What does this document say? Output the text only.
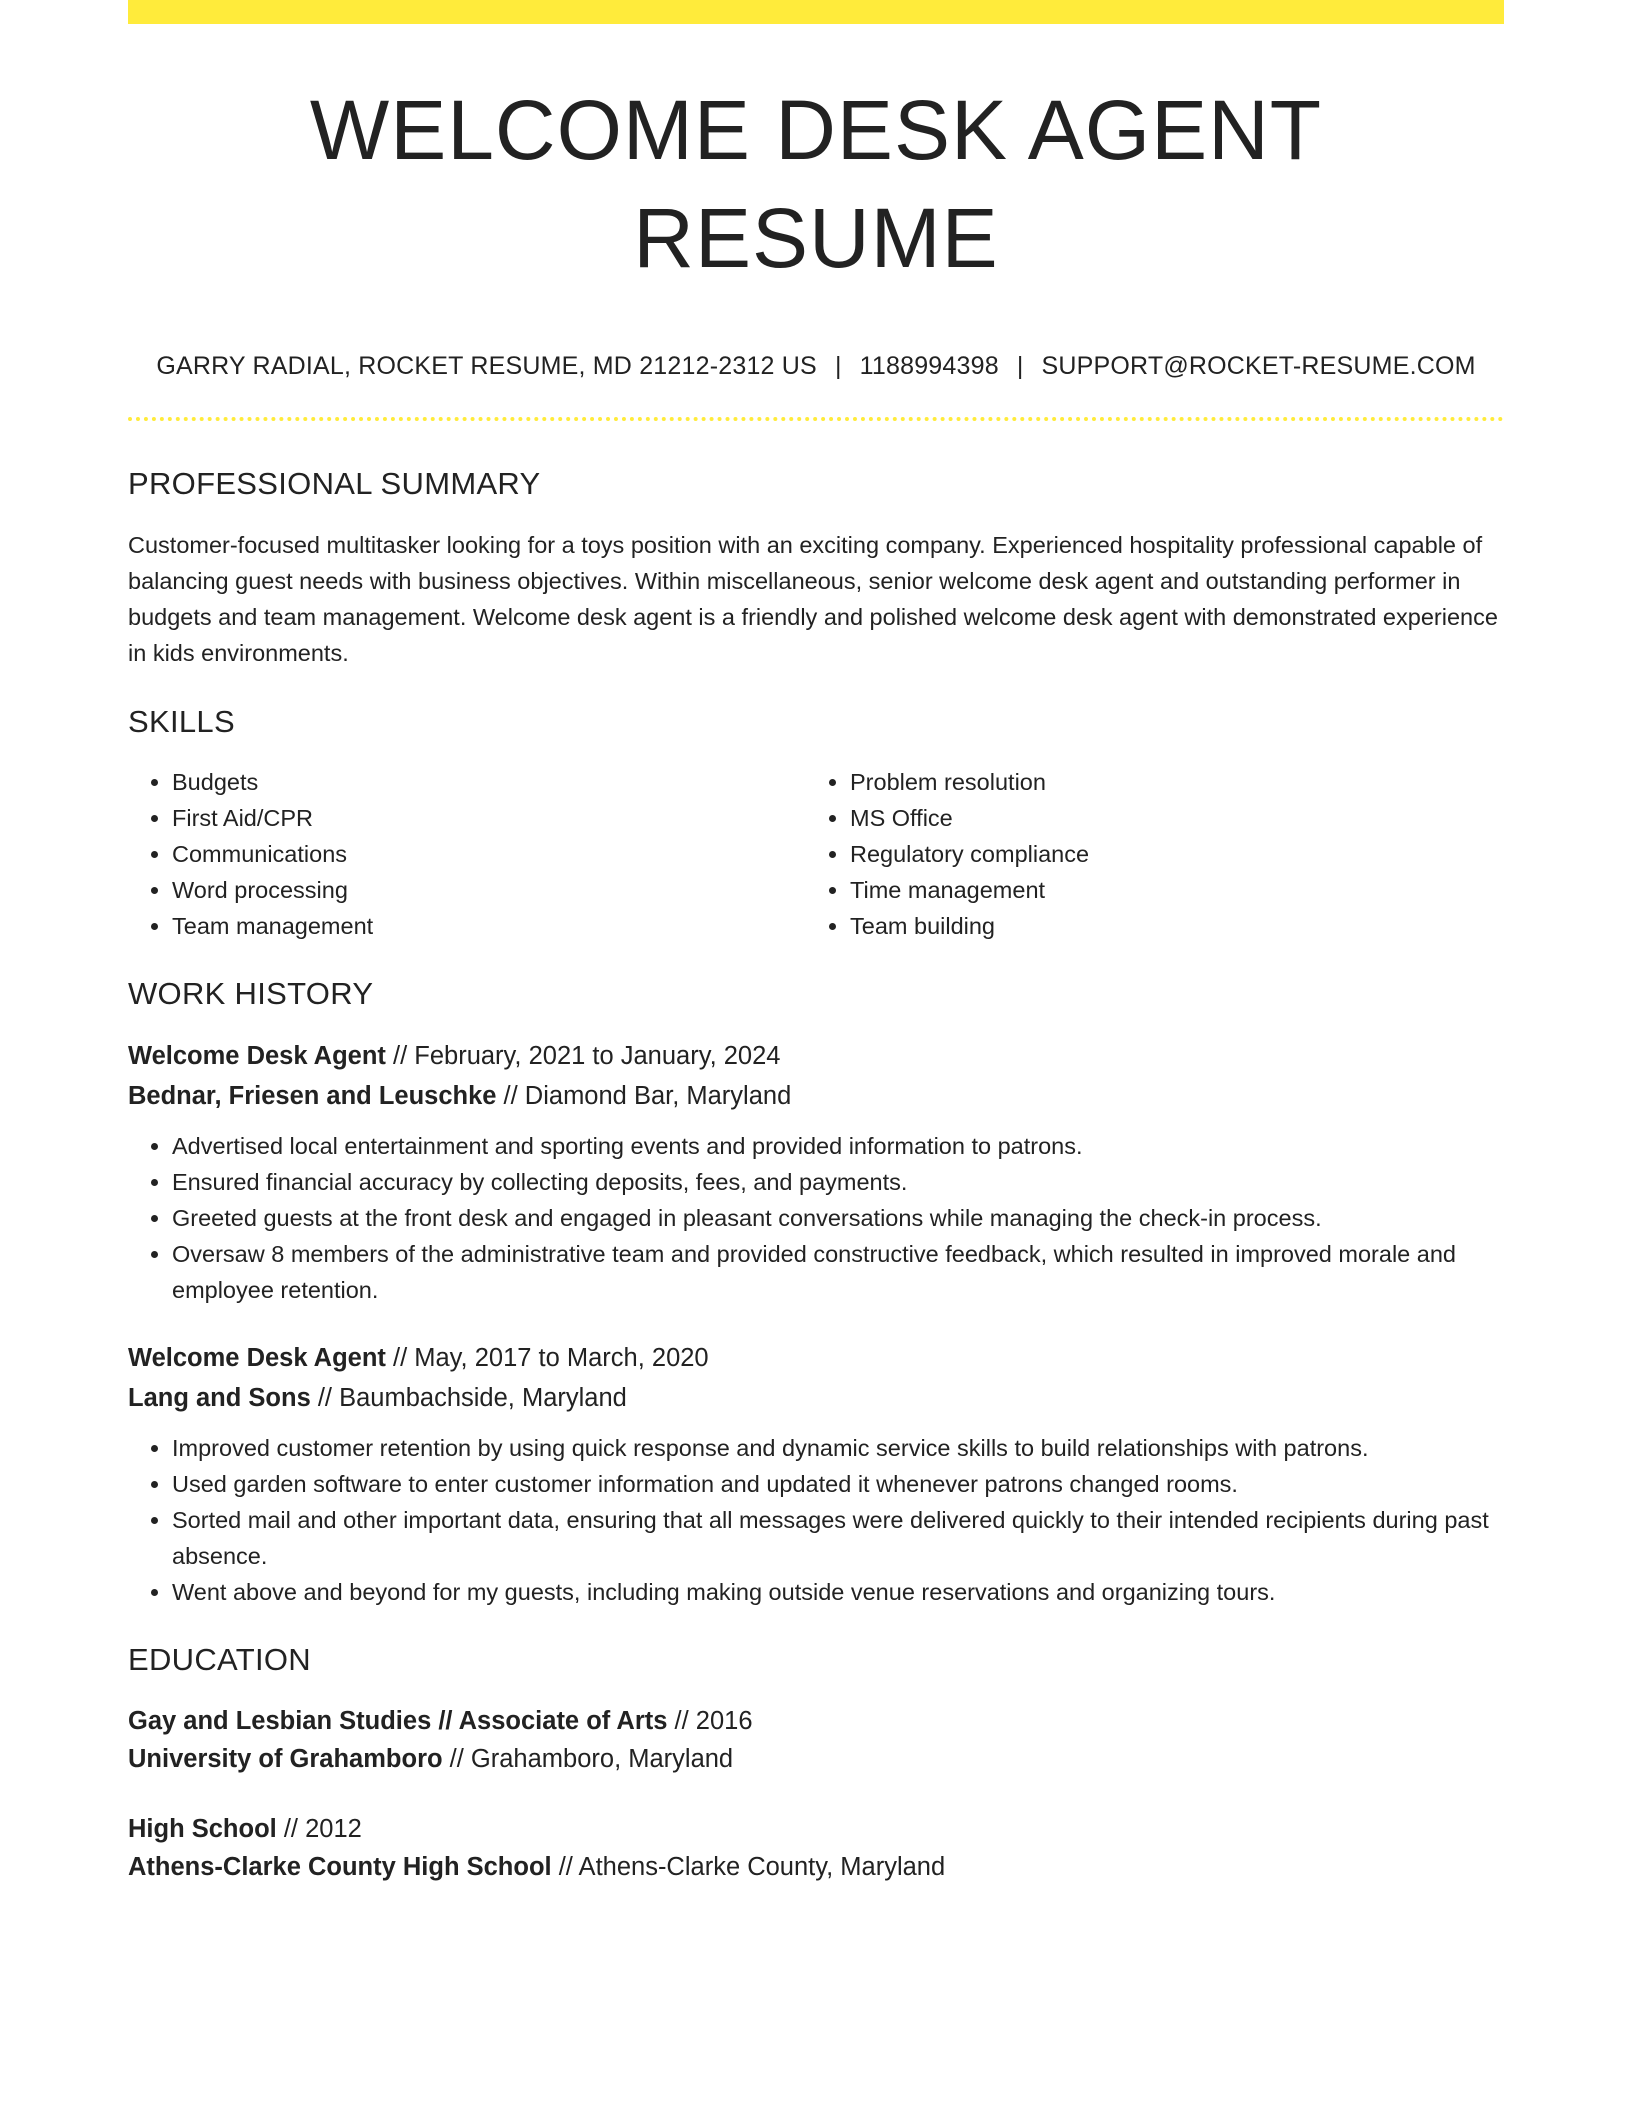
WELCOME DESK AGENT RESUME
GARRY RADIAL, ROCKET RESUME, MD 21212-2312 US | 1188994398 | SUPPORT@ROCKET-RESUME.COM
PROFESSIONAL SUMMARY

Customer-focused multitasker looking for a toys position with an exciting company. Experienced hospitality professional capable of balancing guest needs with business objectives. Within miscellaneous, senior welcome desk agent and outstanding performer in budgets and team management. Welcome desk agent is a friendly and polished welcome desk agent with demonstrated experience in kids environments.

SKILLS
• Budgets
• First Aid/CPR
• Communications
• Word processing
• Team management
• Problem resolution
• MS Office
• Regulatory compliance
• Time management
• Team building
WORK HISTORY
Welcome Desk Agent // February, 2021 to January, 2024
Bednar, Friesen and Leuschke // Diamond Bar, Maryland
• Advertised local entertainment and sporting events and provided information to patrons.
• Ensured financial accuracy by collecting deposits, fees, and payments.
• Greeted guests at the front desk and engaged in pleasant conversations while managing the check-in process.
• Oversaw 8 members of the administrative team and provided constructive feedback, which resulted in improved morale and employee retention.
Welcome Desk Agent // May, 2017 to March, 2020
Lang and Sons // Baumbachside, Maryland
• Improved customer retention by using quick response and dynamic service skills to build relationships with patrons.
• Used garden software to enter customer information and updated it whenever patrons changed rooms.
• Sorted mail and other important data, ensuring that all messages were delivered quickly to their intended recipients during past absence.
• Went above and beyond for my guests, including making outside venue reservations and organizing tours.
EDUCATION
Gay and Lesbian Studies // Associate of Arts // 2016
University of Grahamboro // Grahamboro, Maryland
High School // 2012
Athens-Clarke County High School // Athens-Clarke County, Maryland
